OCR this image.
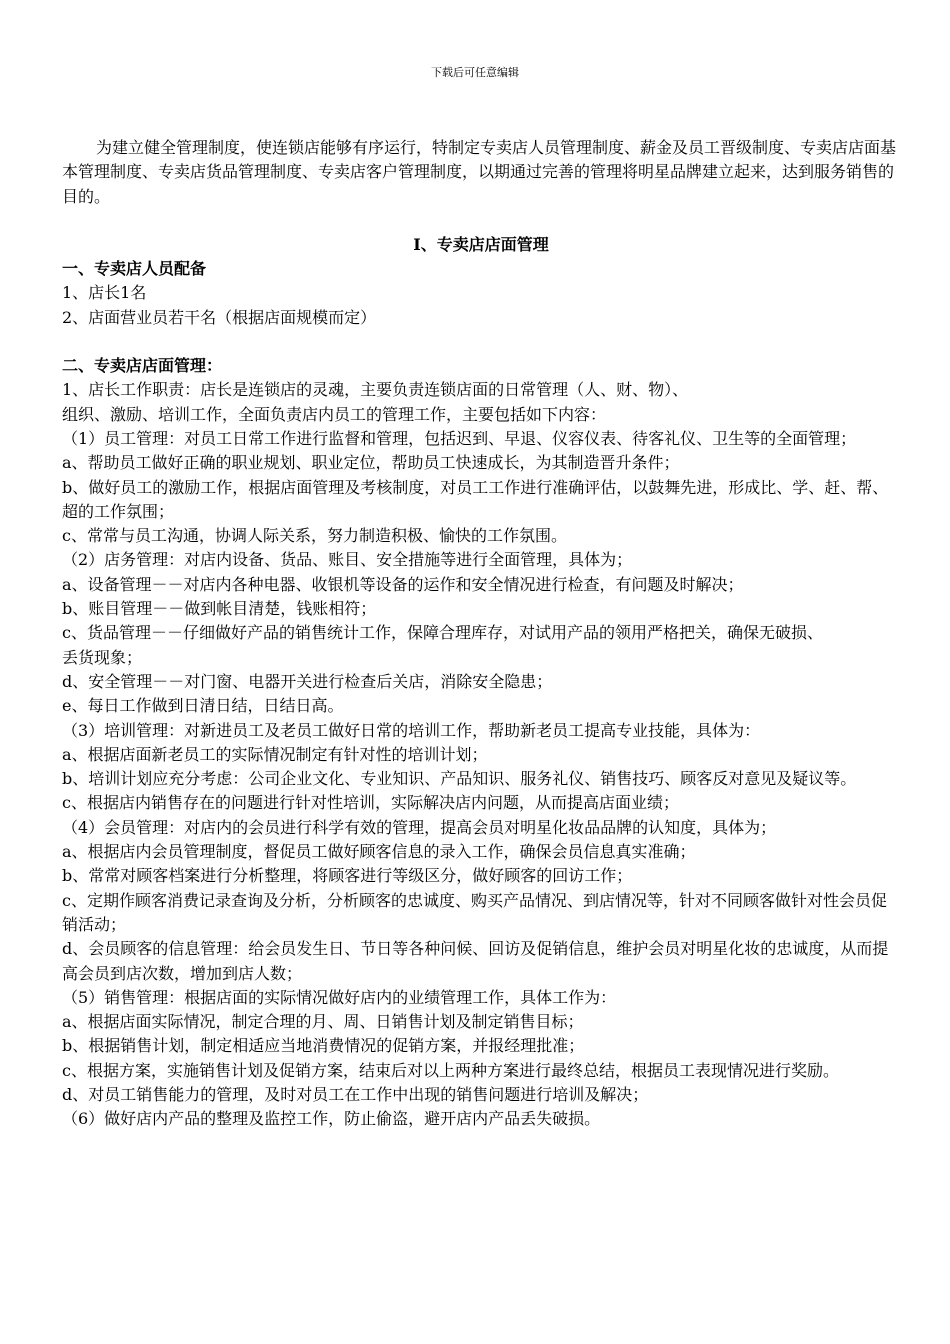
下载后可任意编辑

为建立健全管理制度，使连锁店能够有序运行，特制定专卖店人员管理制度、薪金及员工晋级制度、专卖店店面基本管理制度、专卖店货品管理制度、专卖店客户管理制度，以期通过完善的管理将明星品牌建立起来，达到服务销售的目的。

I、专卖店店面管理

一、专卖店人员配备

1、店长1名

2、店面营业员若干名（根据店面规模而定）

二、专卖店店面管理：

1、店长工作职责：店长是连锁店的灵魂，主要负责连锁店面的日常管理（人、财、物）、

组织、激励、培训工作，全面负责店内员工的管理工作，主要包括如下内容：

（1）员工管理：对员工日常工作进行监督和管理，包括迟到、早退、仪容仪表、待客礼仪、卫生等的全面管理；

a、帮助员工做好正确的职业规划、职业定位，帮助员工快速成长，为其制造晋升条件；

b、做好员工的激励工作，根据店面管理及考核制度，对员工工作进行准确评估，以鼓舞先进，形成比、学、赶、帮、超的工作氛围；

c、常常与员工沟通，协调人际关系，努力制造积极、愉快的工作氛围。

（2）店务管理：对店内设备、货品、账目、安全措施等进行全面管理，具体为；

a、设备管理－－对店内各种电器、收银机等设备的运作和安全情况进行检查，有问题及时解决；

b、账目管理－－做到帐目清楚，钱账相符；

c、货品管理－－仔细做好产品的销售统计工作，保障合理库存，对试用产品的领用严格把关，确保无破损、

丢货现象；

d、安全管理－－对门窗、电器开关进行检查后关店，消除安全隐患；

e、每日工作做到日清日结，日结日高。

（3）培训管理：对新进员工及老员工做好日常的培训工作，帮助新老员工提高专业技能，具体为：

a、根据店面新老员工的实际情况制定有针对性的培训计划；

b、培训计划应充分考虑：公司企业文化、专业知识、产品知识、服务礼仪、销售技巧、顾客反对意见及疑议等。

c、根据店内销售存在的问题进行针对性培训，实际解决店内问题，从而提高店面业绩；

（4）会员管理：对店内的会员进行科学有效的管理，提高会员对明星化妆品品牌的认知度，具体为；

a、根据店内会员管理制度，督促员工做好顾客信息的录入工作，确保会员信息真实准确；

b、常常对顾客档案进行分析整理，将顾客进行等级区分，做好顾客的回访工作；

c、定期作顾客消费记录查询及分析，分析顾客的忠诚度、购买产品情况、到店情况等，针对不同顾客做针对性会员促销活动；

d、会员顾客的信息管理：给会员发生日、节日等各种问候、回访及促销信息，维护会员对明星化妆的忠诚度，从而提高会员到店次数，增加到店人数；

（5）销售管理：根据店面的实际情况做好店内的业绩管理工作，具体工作为：

a、根据店面实际情况，制定合理的月、周、日销售计划及制定销售目标；

b、根据销售计划，制定相适应当地消费情况的促销方案，并报经理批准；

c、根据方案，实施销售计划及促销方案，结束后对以上两种方案进行最终总结，根据员工表现情况进行奖励。

d、对员工销售能力的管理，及时对员工在工作中出现的销售问题进行培训及解决；

（6）做好店内产品的整理及监控工作，防止偷盗，避开店内产品丢失破损。
